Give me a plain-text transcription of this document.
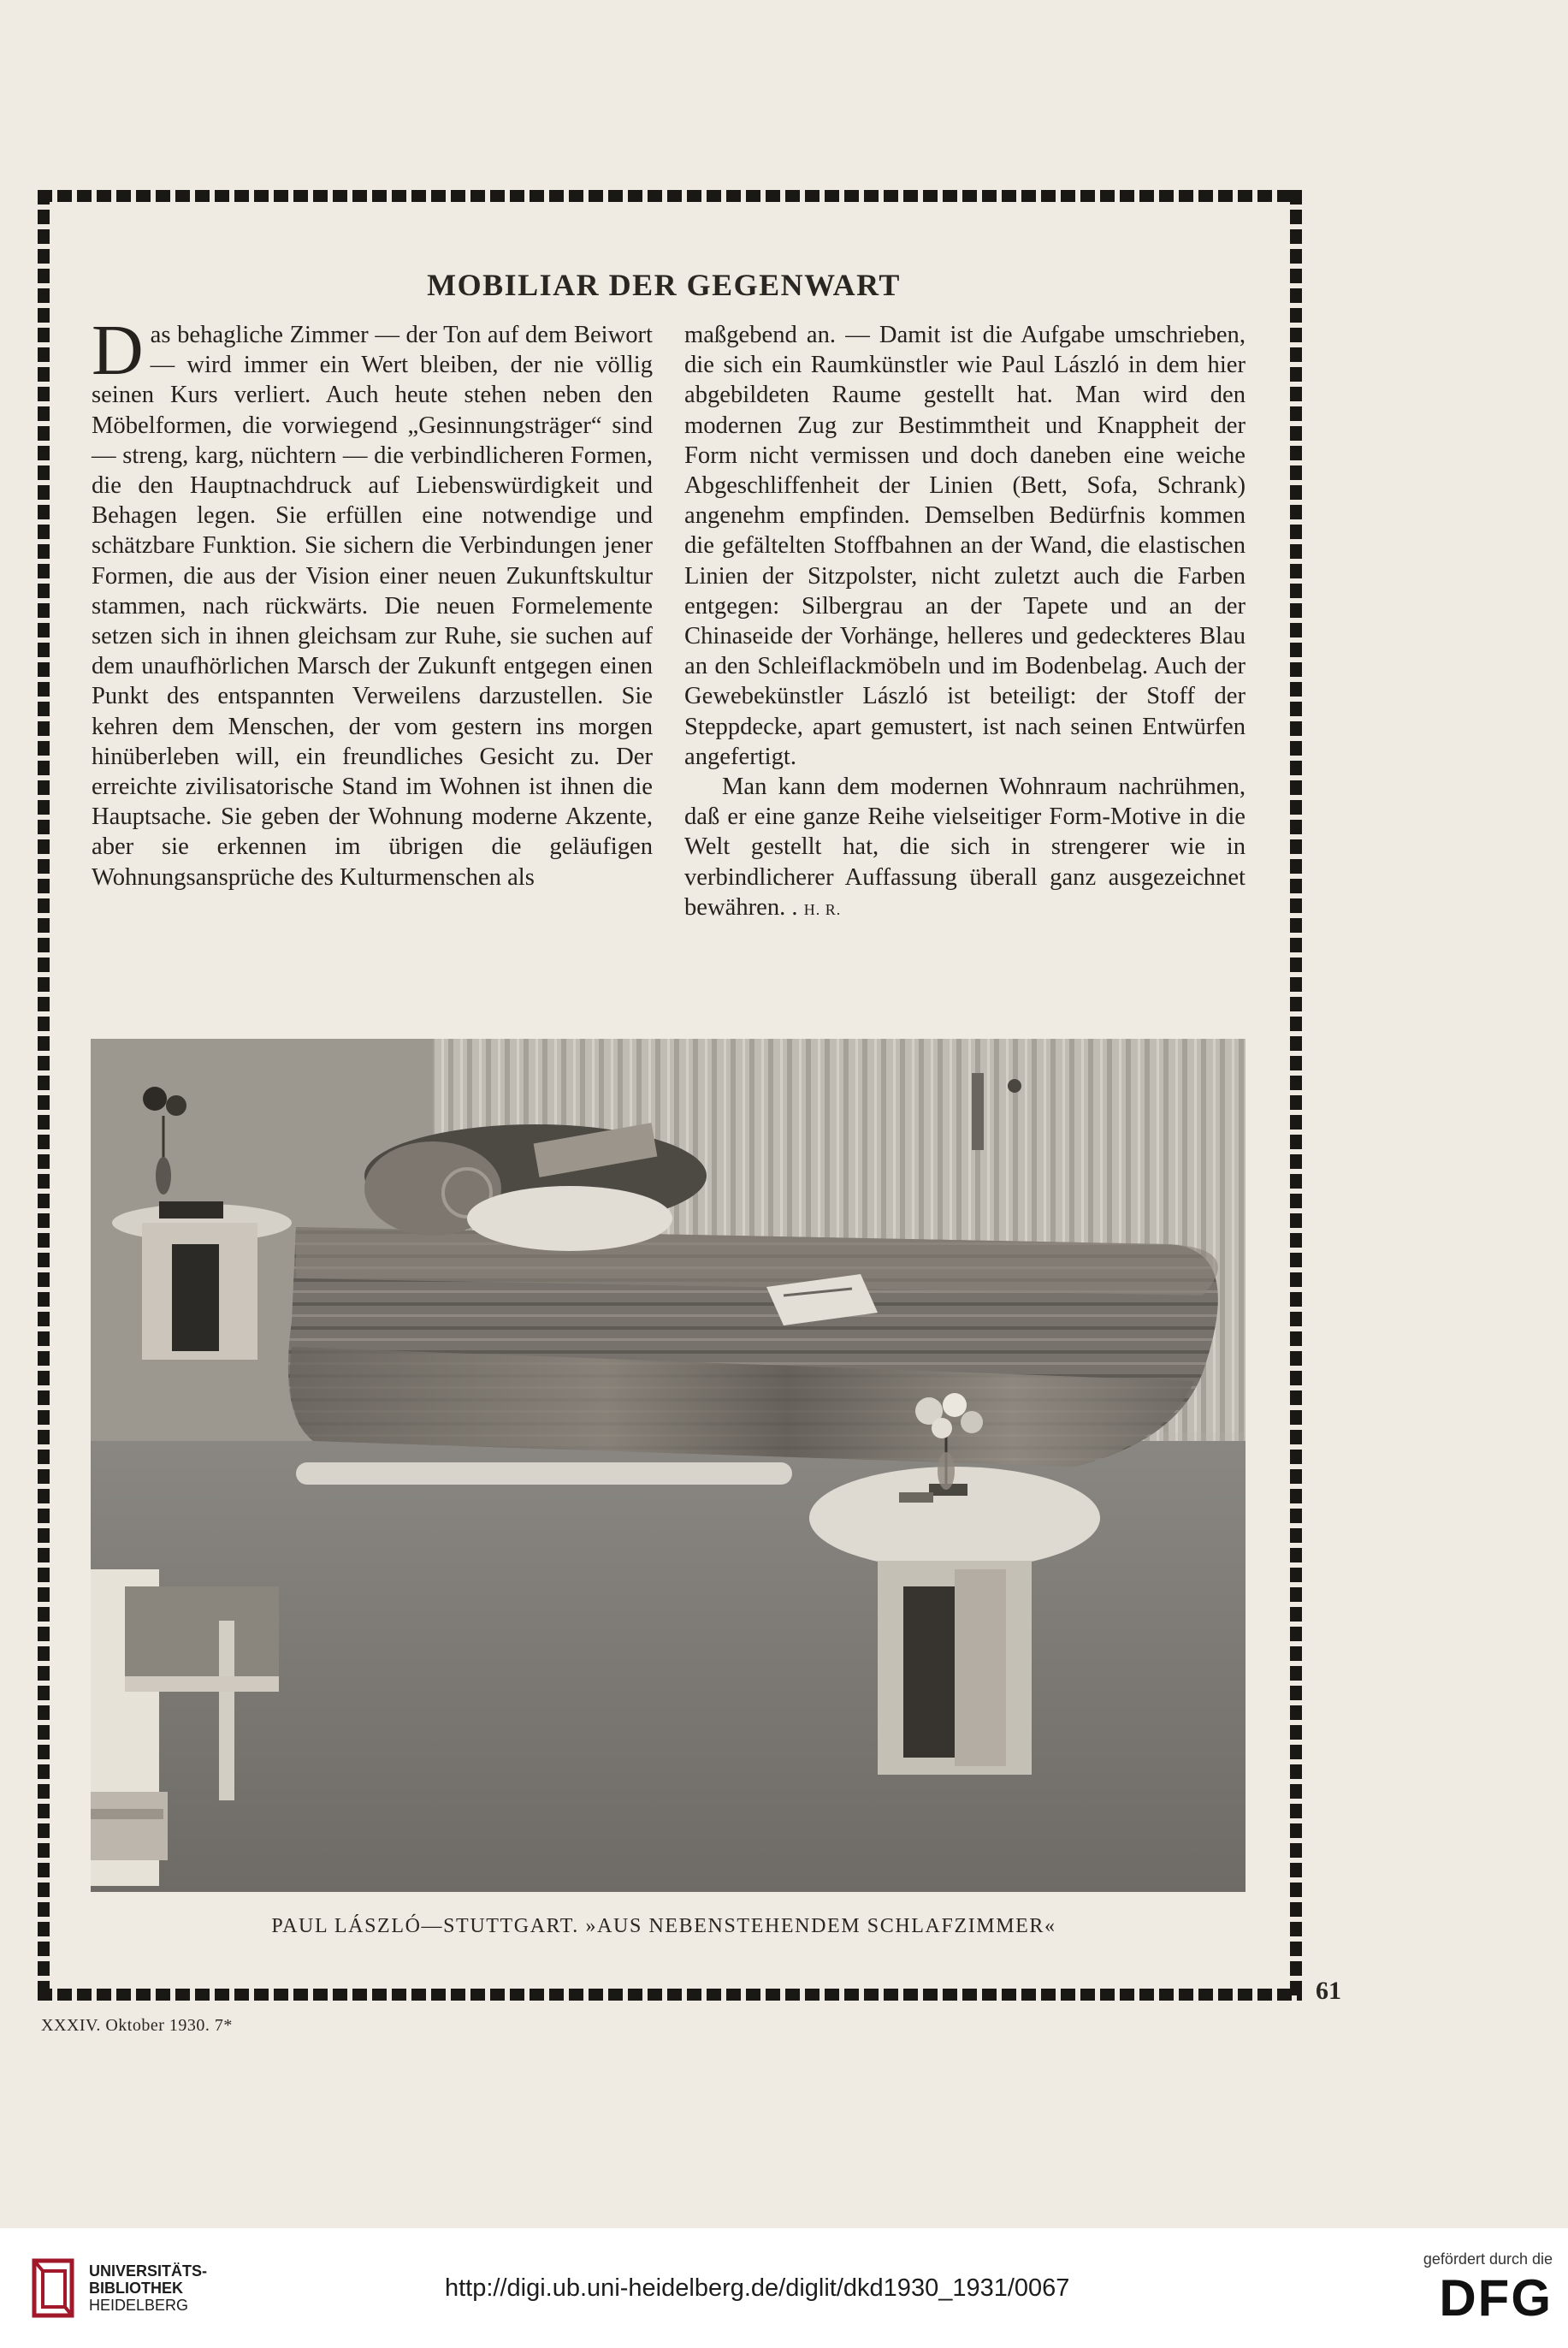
MOBILIAR DER GEGENWART

Das behagliche Zimmer — der Ton auf dem Beiwort — wird immer ein Wert bleiben, der nie völlig seinen Kurs verliert. Auch heute stehen neben den Möbelformen, die vorwiegend „Gesinnungsträger“ sind — streng, karg, nüchtern — die verbindlicheren Formen, die den Hauptnachdruck auf Liebenswürdigkeit und Behagen legen. Sie erfüllen eine notwendige und schätzbare Funktion. Sie sichern die Verbindungen jener Formen, die aus der Vision einer neuen Zukunftskultur stammen, nach rückwärts. Die neuen Formelemente setzen sich in ihnen gleichsam zur Ruhe, sie suchen auf dem unaufhörlichen Marsch der Zukunft entgegen einen Punkt des entspannten Verweilens darzustellen. Sie kehren dem Menschen, der vom gestern ins morgen hinüberleben will, ein freundliches Gesicht zu. Der erreichte zivilisatorische Stand im Wohnen ist ihnen die Hauptsache. Sie geben der Wohnung moderne Akzente, aber sie erkennen im übrigen die geläufigen Wohnungsansprüche des Kulturmenschen als

maßgebend an. — Damit ist die Aufgabe umschrieben, die sich ein Raumkünstler wie Paul László in dem hier abgebildeten Raume gestellt hat. Man wird den modernen Zug zur Bestimmtheit und Knappheit der Form nicht vermissen und doch daneben eine weiche Abgeschliffenheit der Linien (Bett, Sofa, Schrank) angenehm empfinden. Demselben Bedürfnis kommen die gefältelten Stoffbahnen an der Wand, die elastischen Linien der Sitzpolster, nicht zuletzt auch die Farben entgegen: Silbergrau an der Tapete und an der Chinaseide der Vorhänge, helleres und gedeckteres Blau an den Schleiflackmöbeln und im Bodenbelag. Auch der Gewebekünstler László ist beteiligt: der Stoff der Steppdecke, apart gemustert, ist nach seinen Entwürfen angefertigt.

Man kann dem modernen Wohnraum nachrühmen, daß er eine ganze Reihe vielseitiger Form-Motive in die Welt gestellt hat, die sich in strengerer wie in verbindlicherer Auffassung überall ganz ausgezeichnet bewähren. . H. R.

PAUL LÁSZLÓ—STUTTGART. »AUS NEBENSTEHENDEM SCHLAFZIMMER«
61
XXXIV. Oktober 1930. 7*
UNIVERSITÄTS-
BIBLIOTHEK
HEIDELBERG
http://digi.ub.uni-heidelberg.de/diglit/dkd1930_1931/0067
gefördert durch die
DFG
